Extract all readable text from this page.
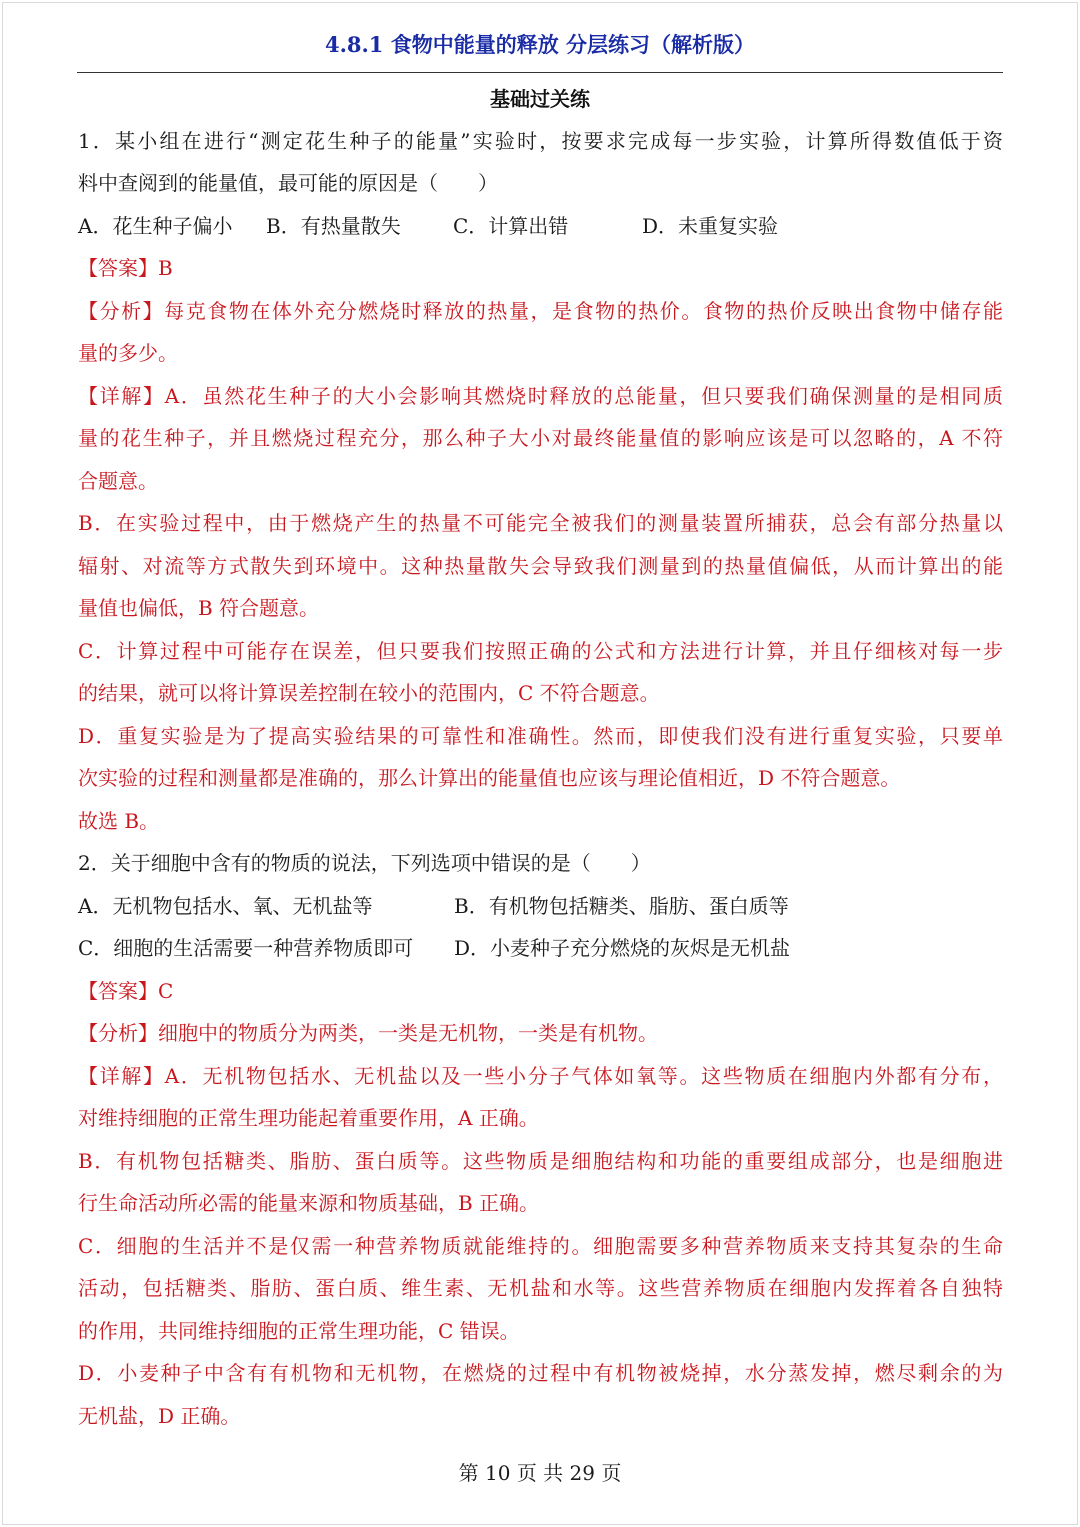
4.8.1 食物中能量的释放 分层练习（解析版）
基础过关练
1．某小组在进行“测定花生种子的能量”实验时，按要求完成每一步实验，计算所得数值低于资
料中查阅到的能量值，最可能的原因是（　　）
A．花生种子偏小 B．有热量散失	C．计算出错	D．未重复实验
【答案】B
【分析】每克食物在体外充分燃烧时释放的热量，是食物的热价。食物的热价反映出食物中储存能
量的多少。
【详解】A．虽然花生种子的大小会影响其燃烧时释放的总能量，但只要我们确保测量的是相同质
量的花生种子，并且燃烧过程充分，那么种子大小对最终能量值的影响应该是可以忽略的，A 不符
合题意。
B．在实验过程中，由于燃烧产生的热量不可能完全被我们的测量装置所捕获，总会有部分热量以
辐射、对流等方式散失到环境中。这种热量散失会导致我们测量到的热量值偏低，从而计算出的能
量值也偏低，B 符合题意。
C．计算过程中可能存在误差，但只要我们按照正确的公式和方法进行计算，并且仔细核对每一步
的结果，就可以将计算误差控制在较小的范围内，C 不符合题意。
D．重复实验是为了提高实验结果的可靠性和准确性。然而，即使我们没有进行重复实验，只要单
次实验的过程和测量都是准确的，那么计算出的能量值也应该与理论值相近，D 不符合题意。
故选 B。
2．关于细胞中含有的物质的说法，下列选项中错误的是（　　）
A．无机物包括水、氧、无机盐等	B．有机物包括糖类、脂肪、蛋白质等
C．细胞的生活需要一种营养物质即可 D．小麦种子充分燃烧的灰烬是无机盐
【答案】C
【分析】细胞中的物质分为两类，一类是无机物，一类是有机物。
【详解】A．无机物包括水、无机盐以及一些小分子气体如氧等。这些物质在细胞内外都有分布，
对维持细胞的正常生理功能起着重要作用，A 正确。
B．有机物包括糖类、脂肪、蛋白质等。这些物质是细胞结构和功能的重要组成部分，也是细胞进
行生命活动所必需的能量来源和物质基础，B 正确。
C．细胞的生活并不是仅需一种营养物质就能维持的。细胞需要多种营养物质来支持其复杂的生命
活动，包括糖类、脂肪、蛋白质、维生素、无机盐和水等。这些营养物质在细胞内发挥着各自独特
的作用，共同维持细胞的正常生理功能，C 错误。
D．小麦种子中含有有机物和无机物，在燃烧的过程中有机物被烧掉，水分蒸发掉，燃尽剩余的为
无机盐，D 正确。
第 10 页 共 29 页
